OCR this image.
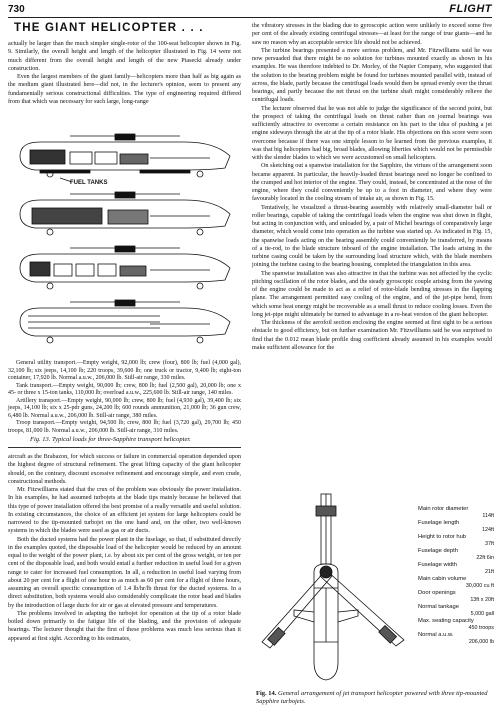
730	FLIGHT
THE GIANT HELICOPTER . . .

actually be larger than the much simpler single-rotor of the 100-seat helicopter shown in Fig. 9. Similarly, the overall height and length of the helicopter illustrated in Fig. 14 were not much different from the overall height and length of the new Piasecki already under construction.

Even the largest members of the giant family—helicopters more than half as big again as the medium giant illustrated here—did not, in the lecturer's opinion, seem to present any fundamentally serious constructional difficulties. The type of engineering required differed from that which was necessary for such large, long-range

FUEL TANKS

General utility transport.—Empty weight, 92,000 lb; crew (four), 800 lb; fuel (4,000 gal), 32,100 lb; six jeeps, 14,100 lb; 220 troops, 39,600 lb; one truck or tractor, 9,400 lb; eight-ton container, 17,920 lb. Normal a.u.w., 206,000 lb. Still-air range, 330 miles.

Tank transport.—Empty weight, 90,000 lb; crew, 800 lb; fuel (2,500 gal), 20,000 lb; one x 45- or three x 15-ton tanks, 110,000 lb; overload a.u.w., 225,600 lb. Still-air range, 140 miles.

Artillery transport.—Empty weight, 90,000 lb; crew, 800 lb; fuel (4,930 gal), 39,400 lb; six jeeps, 14,100 lb; six x 25-pdr guns, 24,200 lb; 600 rounds ammunition, 21,000 lb; 36 gun crew, 6,480 lb. Normal a.u.w., 206,000 lb. Still-air range, 380 miles.

Troop transport.—Empty weight, 94,500 lb; crew, 800 lb; fuel (3,720 gal), 29,700 lb; 450 troops, 81,000 lb. Normal a.u.w., 206,000 lb. Still-air range, 310 miles.

Fig. 13. Typical loads for three-Sapphire transport helicopter.

aircraft as the Brabazon, for which success or failure in commercial operation depended upon the highest degree of structural refinement. The great lifting capacity of the giant helicopter should, on the contrary, discount excessive refinement and encourage simple, and even crude, constructional methods.

Mr. Fitzwilliams stated that the crux of the problem was obviously the power installation. In his examples, he had assumed turbojets at the blade tips mainly because he believed that this type of power installation offered the best promise of a really versatile and useful solution. In existing circumstances, the choice of an efficient jet system for large helicopters could be narrowed to the tip-mounted turbojet on the one hand and, on the other, two well-known systems in which the blades were used as gas or air ducts.

Both the ducted systems had the power plant in the fuselage, so that, if substituted directly in the examples quoted, the disposable load of the helicopter would be reduced by an amount equal to the weight of the power plant, i.e. by about six per cent of the gross weight, or ten per cent of the disposable load, and both would entail a further reduction in useful load for a given range to cater for increased fuel consumption. In all, a reduction in useful load varying from about 20 per cent for a flight of one hour to as much as 60 per cent for a flight of three hours, assuming an overall specific consumption of 1.4 lb/hr/lb thrust for the ducted systems. In a direct substitution, both systems would also considerably complicate the rotor head and blades by the introduction of large ducts for air or gas at elevated pressure and temperatures.

The problems involved in adapting the turbojet for operation at the tip of a rotor blade boiled down primarily to the fatigue life of the blading, and the provision of adequate bearings. The lecturer thought that the first of these problems was much less serious than it appeared at first sight. According to his estimates,

the vibratory stresses in the blading due to gyroscopic action were unlikely to exceed some five per cent of the already existing centrifugal stresses—at least for the range of true giants—and he saw no reason why an acceptable service life should not be achieved.

The turbine bearings presented a more serious problem, and Mr. Fitzwilliams said he was now persuaded that there might be no solution for turbines mounted exactly as shown in his examples. He was therefore indebted to Dr. Morley, of the Napier Company, who suggested that the solution to the bearing problem might be found for turbines mounted parallel with, instead of across, the blade, partly because the centrifugal loads would then be spread evenly over the thrust bearings, and partly because the net thrust on the turbine shaft might considerably relieve the centrifugal loads.

The lecturer observed that he was not able to judge the significance of the second point, but the prospect of taking the centrifugal loads on thrust rather than on journal bearings was sufficiently attractive to overcome a certain resistance on his part to the idea of pushing a jet engine sideways through the air at the tip of a rotor blade. His objections on this score were soon overcome because if there was one simple lesson to be learned from the previous examples, it was that big helicopters had big, broad blades, allowing liberties which would not be permissible with the slender blades to which we were accustomed on small helicopters.

On sketching out a spanwise installation for the Sapphire, the virtues of the arrangement soon became apparent. In particular, the heavily-loaded thrust bearings need no longer be confined to the cramped and hot interior of the engine. They could, instead, be concentrated at the nose of the engine, where they could conveniently be up to a foot in diameter, and where they were favourably located in the cooling stream of intake air, as shown in Fig. 15.

Tentatively, he visualized a thrust-bearing assembly with relatively small-diameter ball or roller bearings, capable of taking the centrifugal loads when the engine was shut down in flight, but acting in conjunction with, and unloaded by, a pair of Michel bearings of comparatively large diameter, which would come into operation as the turbine was started up. As indicated in Fig. 15, the spanwise loads acting on the bearing assembly could conveniently be transferred, by means of a tie-rod, to the blade structure inboard of the engine installation. The loads arising in the turbine casing could be taken by the surrounding load structure which, with the blade members joining the turbine casing to the bearing housing, completed the triangulation in this area.

The spanwise installation was also attractive in that the turbine was not affected by the cyclic pitching oscillation of the rotor blades, and the steady gyroscopic couple arising from the yawing of the engine could be made to act as a relief of rotor-blade bending stresses in the flapping plane. The arrangement permitted easy cooling of the engine, and of the jet-pipe bend, from which some heat energy might be recoverable as a small thrust to reduce cooling losses. Even the long jet-pipe might ultimately be turned to advantage in a re-heat version of the giant helicopter.

The thickness of the aerofoil section enclosing the engine seemed at first sight to be a serious obstacle to good efficiency, but on further examination Mr. Fitzwilliams said he was surprised to find that the 0.012 mean blade profile drag coefficient already assumed in his examples would make sufficient allowance for the

Main rotor diameter
114ft
Fuselage length
124ft
Height to rotor hub
37ft
Fuselage depth
22ft 6in
Fuselage width
21ft
Main cabin volume
30,000 cu ft
Door openings
13ft x 20ft
Normal tankage
5,000 gall
Max. seating capacity
450 troops
Normal a.u.w.
206,000 lb
Fig. 14. General arrangement of jet transport helicopter powered with three tip-mounted Sapphire turbojets.
